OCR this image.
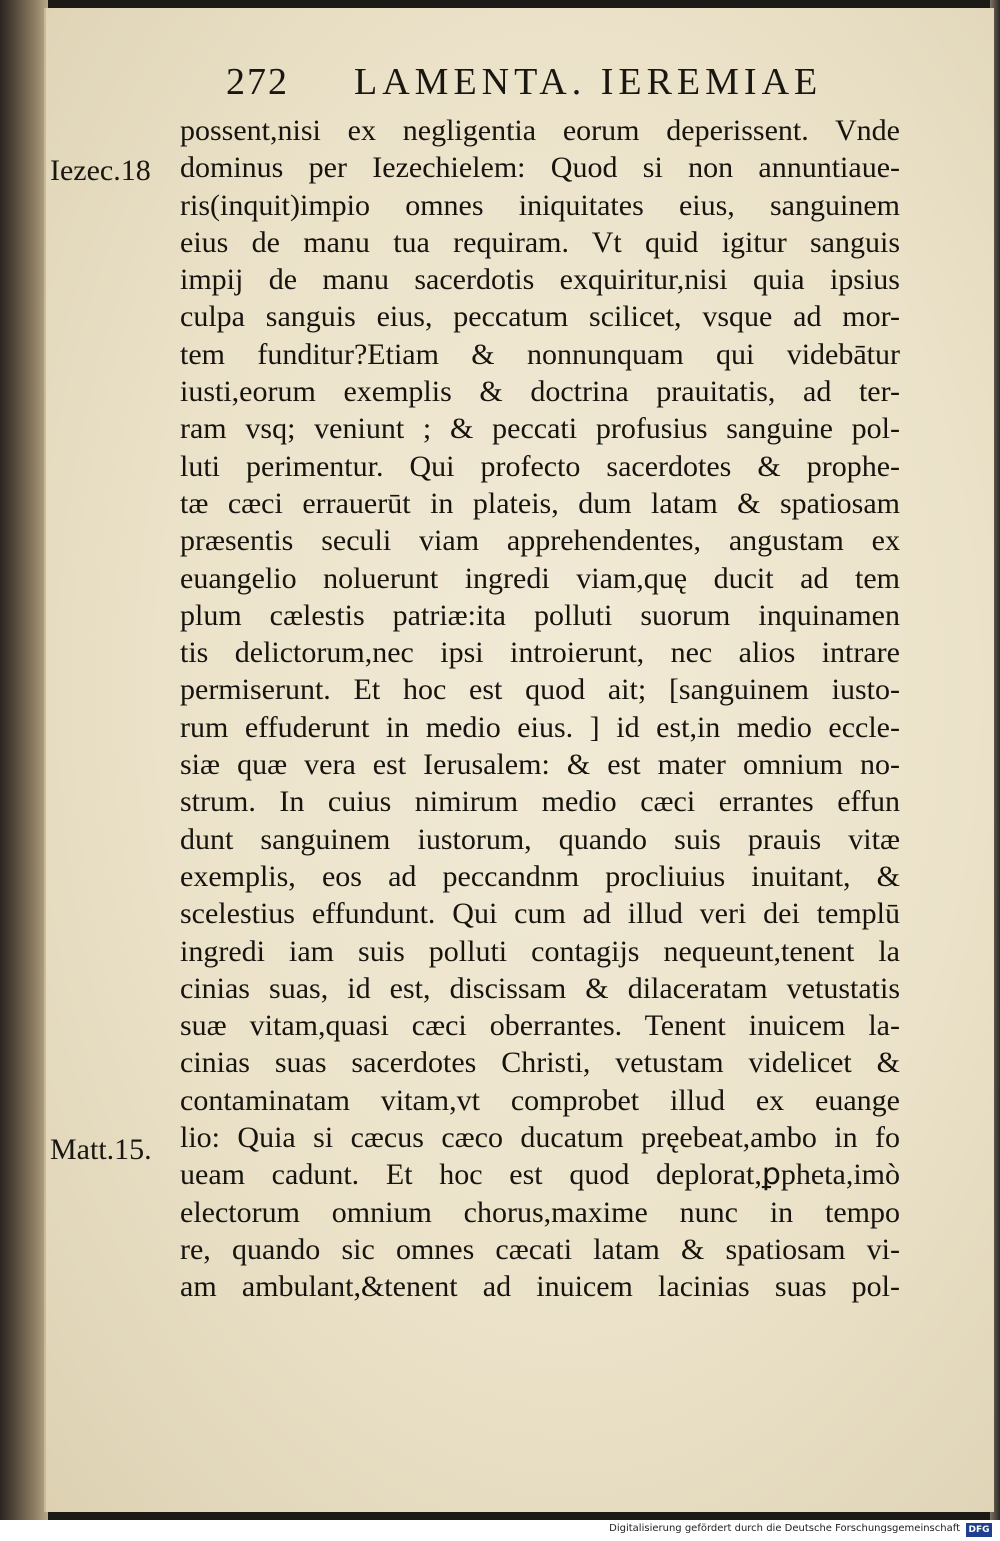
272 LAMENTA. IEREMIAE
Iezec.18
Matt.15.
possent,nisi ex negligentia eorum deperissent. Vnde
dominus per Iezechielem: Quod si non annuntiaue-
ris(inquit)impio omnes iniquitates eius, sanguinem
eius de manu tua requiram. Vt quid igitur sanguis
impij de manu sacerdotis exquiritur,nisi quia ipsius
culpa sanguis eius, peccatum scilicet, vsque ad mor-
tem funditur?Etiam & nonnunquam qui videbātur
iusti,eorum exemplis & doctrina prauitatis, ad ter-
ram vsq; veniunt ; & peccati profusius sanguine pol-
luti perimentur. Qui profecto sacerdotes & prophe-
tæ cæci errauerūt in plateis, dum latam & spatiosam
præsentis seculi viam apprehendentes, angustam ex
euangelio noluerunt ingredi viam,quę ducit ad tem
plum cælestis patriæ:ita polluti suorum inquinamen
tis delictorum,nec ipsi introierunt, nec alios intrare
permiserunt. Et hoc est quod ait; [sanguinem iusto-
rum effuderunt in medio eius. ] id est,in medio eccle-
siæ quæ vera est Ierusalem: & est mater omnium no-
strum. In cuius nimirum medio cæci errantes effun
dunt sanguinem iustorum, quando suis prauis vitæ
exemplis, eos ad peccandnm procliuius inuitant, &
scelestius effundunt. Qui cum ad illud veri dei templū
ingredi iam suis polluti contagijs nequeunt,tenent la
cinias suas, id est, discissam & dilaceratam vetustatis
suæ vitam,quasi cæci oberrantes. Tenent inuicem la-
cinias suas sacerdotes Christi, vetustam videlicet &
contaminatam vitam,vt comprobet illud ex euange
lio: Quia si cæcus cæco ducatum pręebeat,ambo in fo
ueam cadunt. Et hoc est quod deplorat,ꝑpheta,imò
electorum omnium chorus,maxime nunc in tempo
re, quando sic omnes cæcati latam & spatiosam vi-
am ambulant,&tenent ad inuicem lacinias suas pol-
Digitalisierung gefördert durch die Deutsche Forschungsgemeinschaft DFG
